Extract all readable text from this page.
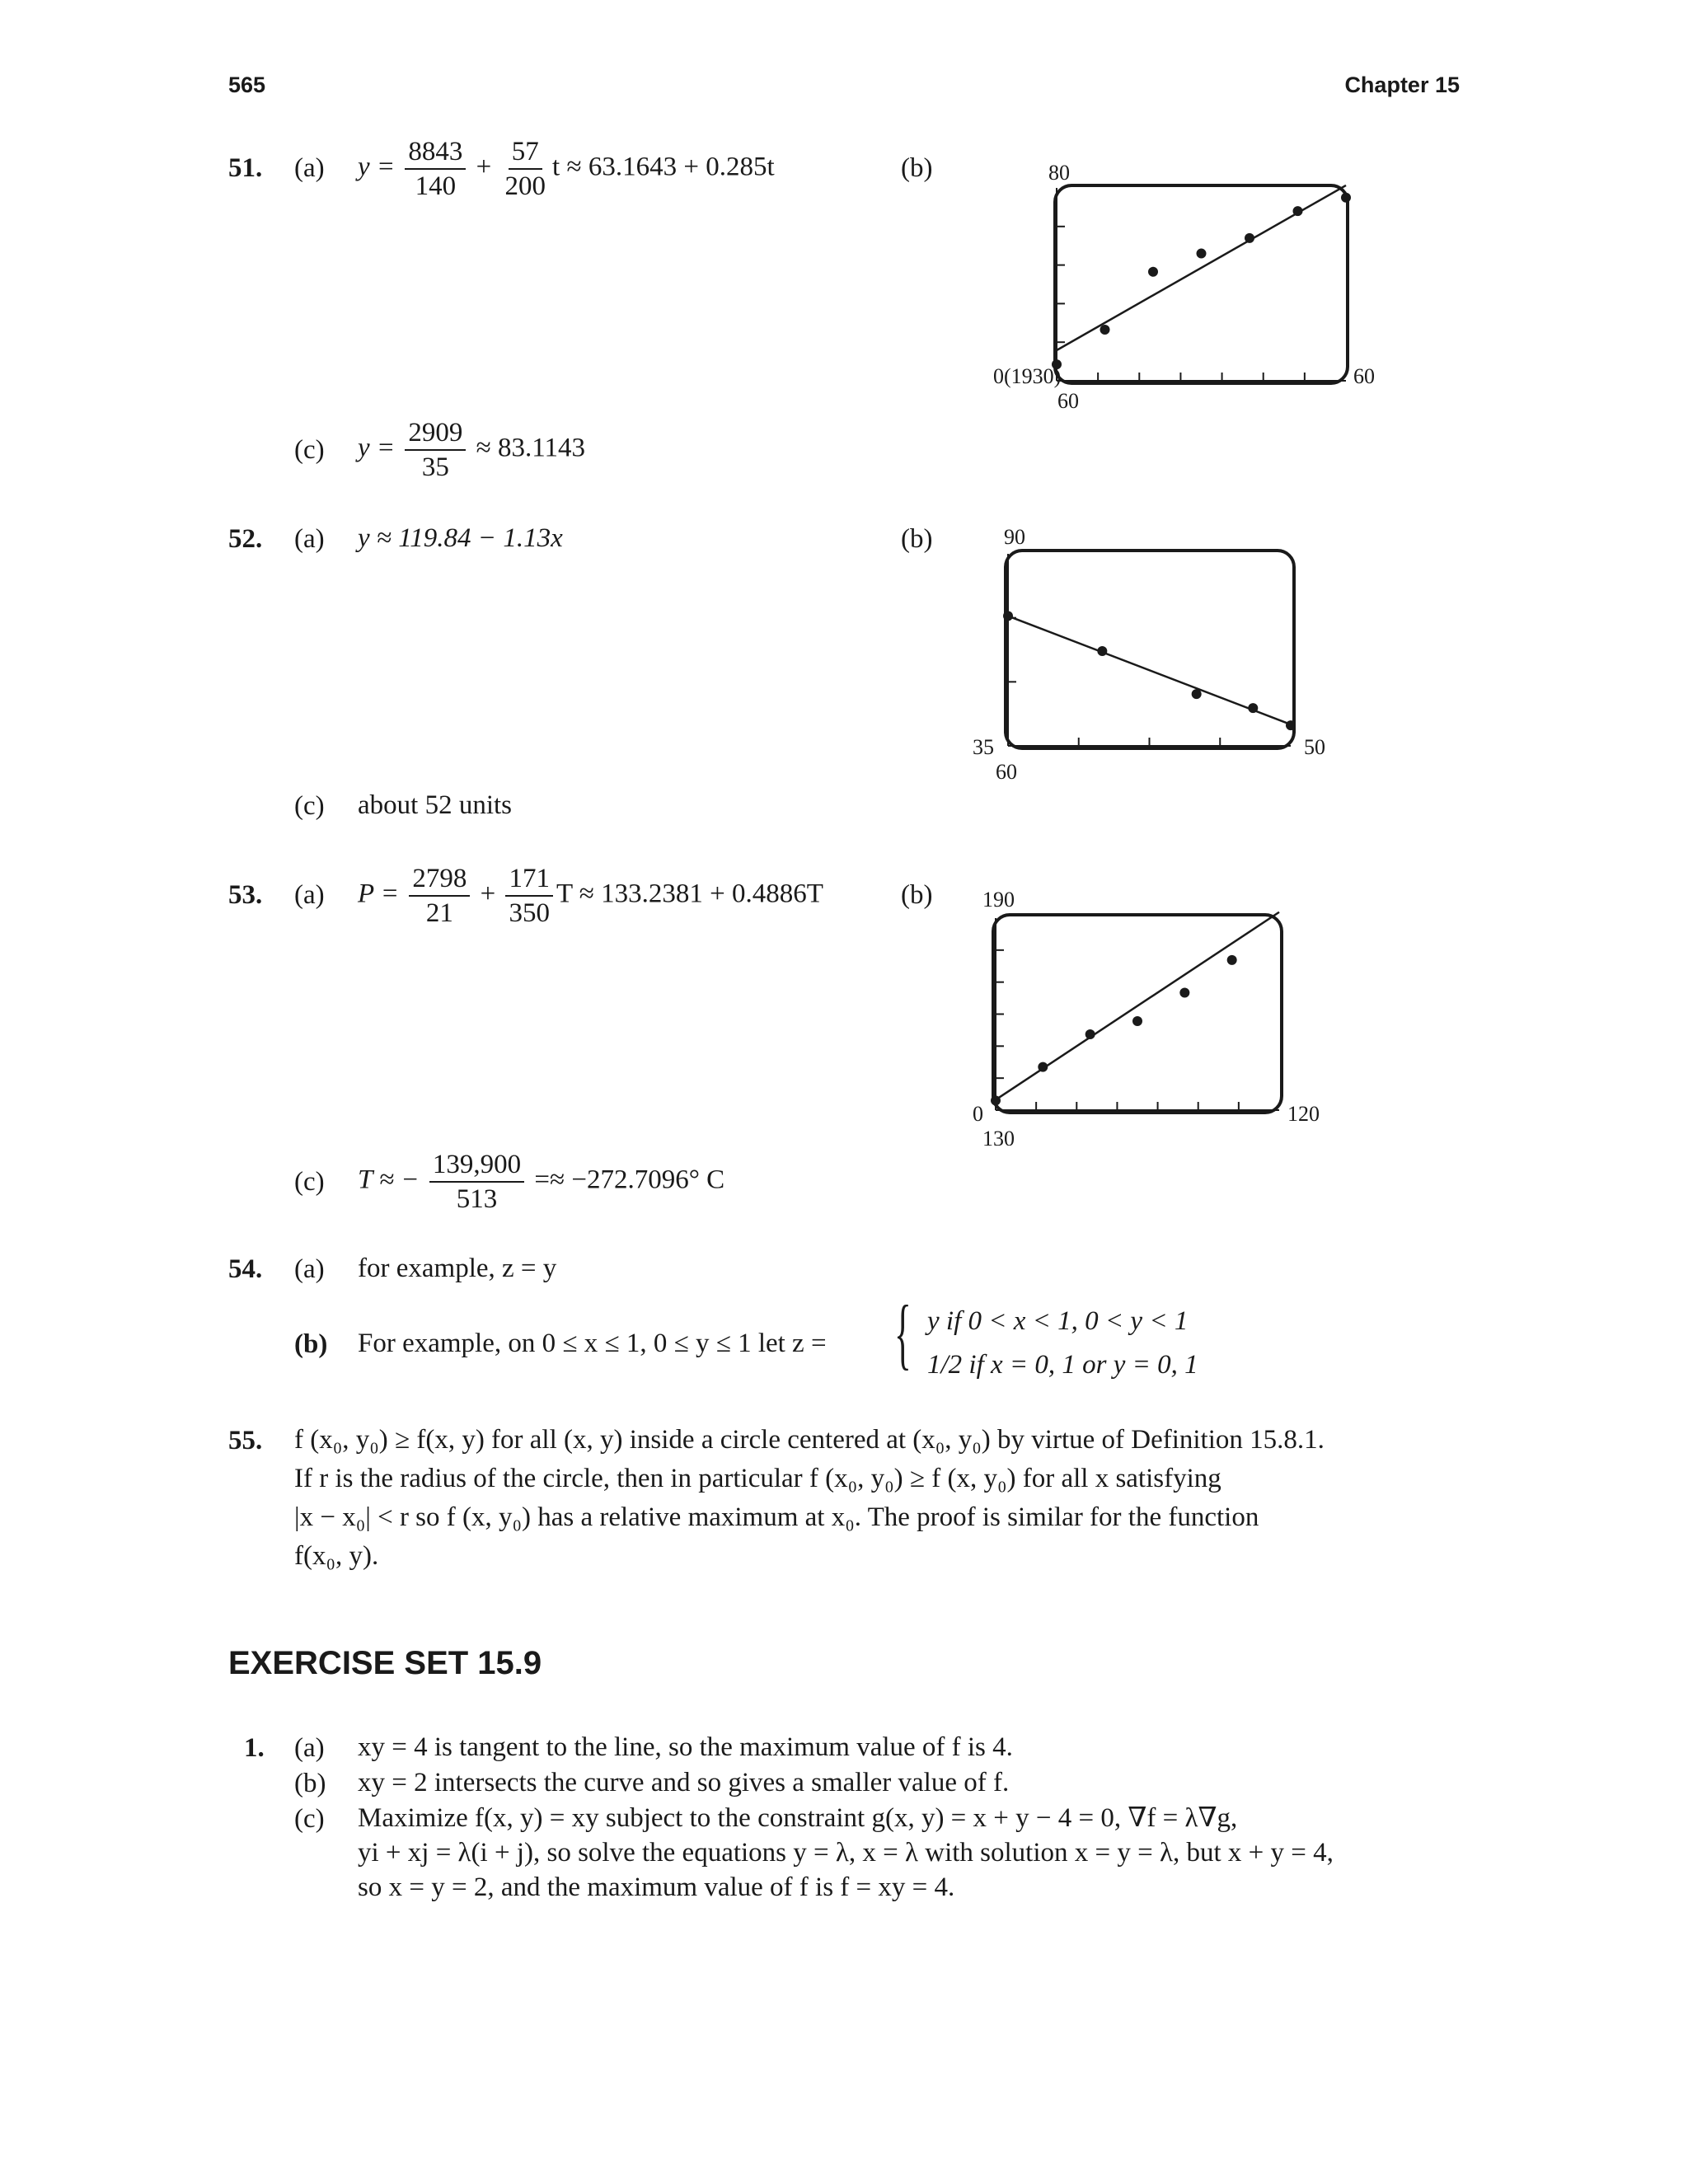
565	Chapter 15
51. (a) $y = \frac{8843}{140} + \frac{57}{200}$ t ≈ 63.1643 + 0.285t	(b)
(c) $y = \frac{2909}{35} \approx 83.1143$
0(1930)	60
60
80
52. (a) y ≈ 119.84 − 1.13x	(b)
(c) about 52 units
35	50
60
90
53. (a) $P = \frac{2798}{21} + \frac{171}{350}$ T ≈ 133.2381 + 0.4886T	(b)
(c) T ≈ − $\frac{139,900}{513} =\approx -272.7096^\circ$ C
0	120
130
190
54. (a) for example, z = y
(b) For example, on 0 ≤ x ≤ 1, 0 ≤ y ≤ 1 let z = { y if 0 < x < 1, 0 < y < 1
1/2 if x = 0, 1 or y = 0, 1
55. f (x₀, y₀) ≥ f(x, y) for all (x, y) inside a circle centered at (x₀, y₀) by virtue of Definition 15.8.1.

If r is the radius of the circle, then in particular f (x₀, y₀) ≥ f (x, y₀) for all x satisfying

|x − x₀| < r so f (x, y₀) has a relative maximum at x₀. The proof is similar for the function

f(x₀, y).

EXERCISE SET 15.9
1. (a) xy = 4 is tangent to the line, so the maximum value of f is 4.
(b) xy = 2 intersects the curve and so gives a smaller value of f.
(c) Maximize f(x, y) = xy subject to the constraint g(x, y) = x + y − 4 = 0, ∇f = λ∇g,
yi + xj = λ(i + j), so solve the equations y = λ, x = λ with solution x = y = λ, but x + y = 4,
so x = y = 2, and the maximum value of f is f = xy = 4.
